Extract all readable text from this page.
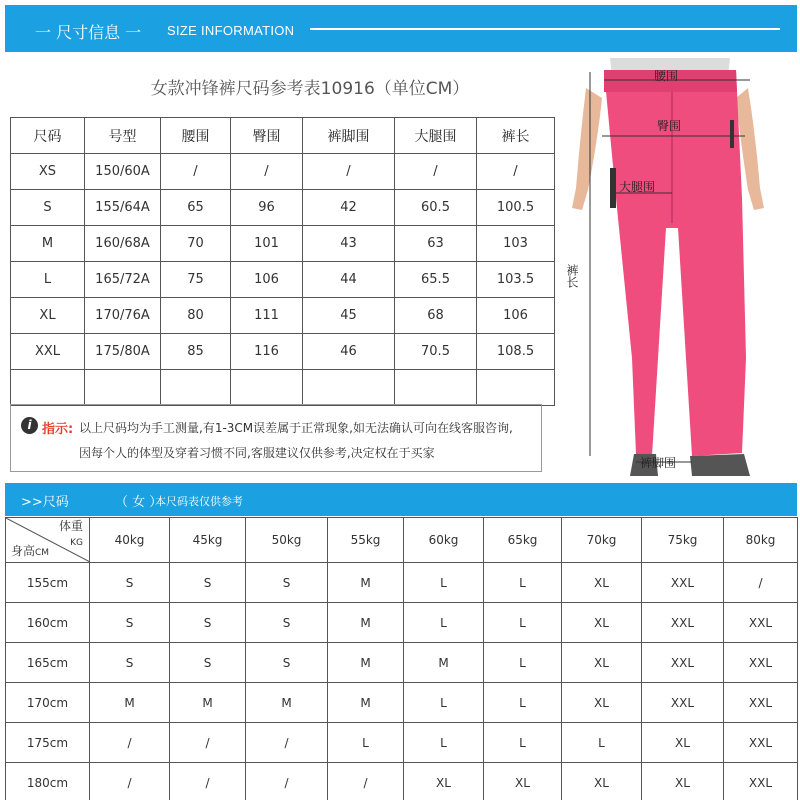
一 尺寸信息 一 SIZE INFORMATION
女款冲锋裤尺码参考表10916（单位CM）
尺码	号型	腰围	臀围	裤脚围	大腿围	裤长
XS	150/60A	/	/	/	/	/
S	155/64A	65	96	42	60.5	100.5
M	160/68A	70	101	43	63	103
L	165/72A	75	106	44	65.5	103.5
XL	170/76A	80	111	45	68	106
XXL	175/80A	85	116	46	70.5	108.5

i 指示: 以上尺码均为手工测量,有1-3CM误差属于正常现象,如无法确认可向在线客服咨询,
因每个人的体型及穿着习惯不同,客服建议仅供参考,决定权在于买家
腰围
臀围
大腿围
裤长
裤脚围
>>尺码	（ 女 ）
本尺码表仅供参考
体重
KG
身高CM	40kg	45kg	50kg	55kg	60kg	65kg	70kg	75kg	80kg
155cm	S	S	S	M	L	L	XL	XXL	/
160cm	S	S	S	M	L	L	XL	XXL	XXL
165cm	S	S	S	M	M	L	XL	XXL	XXL
170cm	M	M	M	M	L	L	XL	XXL	XXL
175cm	/	/	/	L	L	L	L	XL	XXL
180cm	/	/	/	/	XL	XL	XL	XL	XXL
